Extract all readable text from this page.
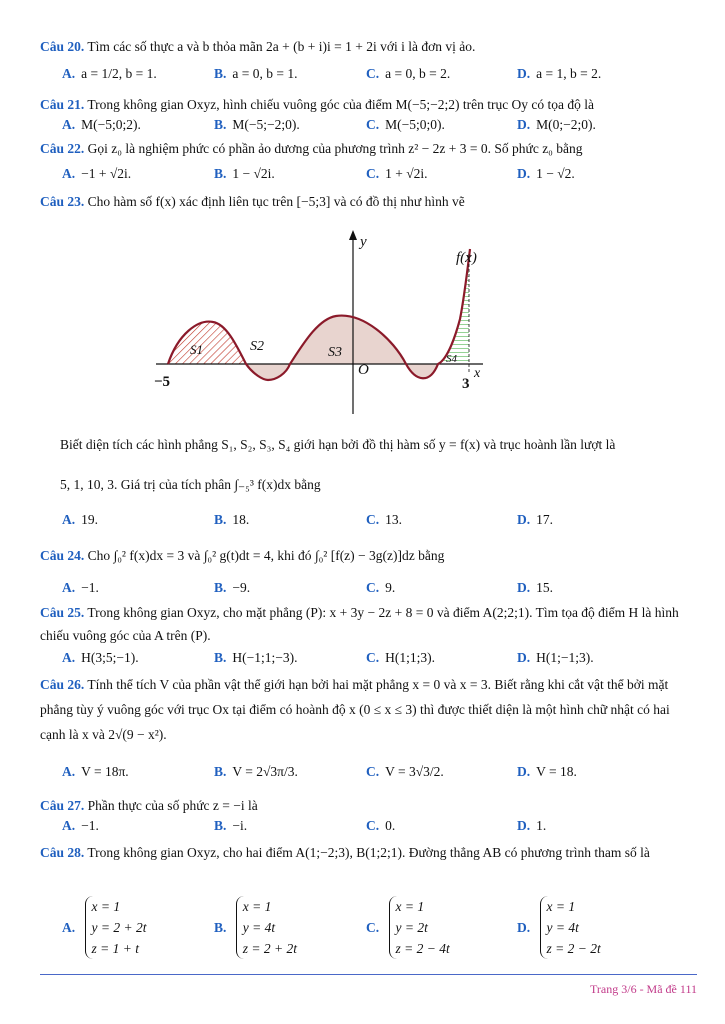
Câu 20. Tìm các số thực a và b thỏa mãn 2a + (b + i)i = 1 + 2i với i là đơn vị ảo.
A. a = 1/2, b = 1.	B. a = 0, b = 1.	C. a = 0, b = 2.	D. a = 1, b = 2.
Câu 21. Trong không gian Oxyz, hình chiếu vuông góc của điểm M(−5;−2;2) trên trục Oy có tọa độ là
A. M(−5;0;2).	B. M(−5;−2;0).	C. M(−5;0;0).	D. M(0;−2;0).
Câu 22. Gọi z₀ là nghiệm phức có phần ảo dương của phương trình z² − 2z + 3 = 0. Số phức z₀ bằng
A. −1 + √2i.	B. 1 − √2i.	C. 1 + √2i.	D. 1 − √2.
Câu 23. Cho hàm số f(x) xác định liên tục trên [−5;3] và có đồ thị như hình vẽ
y
f(x)
S1	S2	S3
O
S4
x
−5	3
Biết diện tích các hình phẳng S₁, S₂, S₃, S₄ giới hạn bởi đồ thị hàm số y = f(x) và trục hoành lần lượt là
5, 1, 10, 3. Giá trị của tích phân ∫₋₅³ f(x)dx bằng
A. 19.	B. 18.	C. 13.	D. 17.
Câu 24. Cho ∫₀² f(x)dx = 3 và ∫₀² g(t)dt = 4, khi đó ∫₀² [f(z) − 3g(z)]dz bằng
A. −1.	B. −9.	C. 9.	D. 15.
Câu 25. Trong không gian Oxyz, cho mặt phẳng (P): x + 3y − 2z + 8 = 0 và điểm A(2;2;1). Tìm tọa độ điểm H là hình chiếu vuông góc của A trên (P).
A. H(3;5;−1).	B. H(−1;1;−3).	C. H(1;1;3).	D. H(1;−1;3).
Câu 26. Tính thể tích V của phần vật thể giới hạn bởi hai mặt phẳng x = 0 và x = 3. Biết rằng khi cắt vật thể bởi mặt phẳng tùy ý vuông góc với trục Ox tại điểm có hoành độ x (0 ≤ x ≤ 3) thì được thiết diện là một hình chữ nhật có hai cạnh là x và 2√(9 − x²).
A. V = 18π.	B. V = 2√3π/3.	C. V = 3√3/2.	D. V = 18.
Câu 27. Phần thực của số phức z = −i là
A. −1.	B. −i.	C. 0.	D. 1.
Câu 28. Trong không gian Oxyz, cho hai điểm A(1;−2;3), B(1;2;1). Đường thẳng AB có phương trình tham số là
A.
x = 1
y = 2 + 2t
z = 1 + t
B.
x = 1
y = 4t
z = 2 + 2t
C.
x = 1
y = 2t
z = 2 − 4t
D.
x = 1
y = 4t
z = 2 − 2t
Trang 3/6 - Mã đề 111
